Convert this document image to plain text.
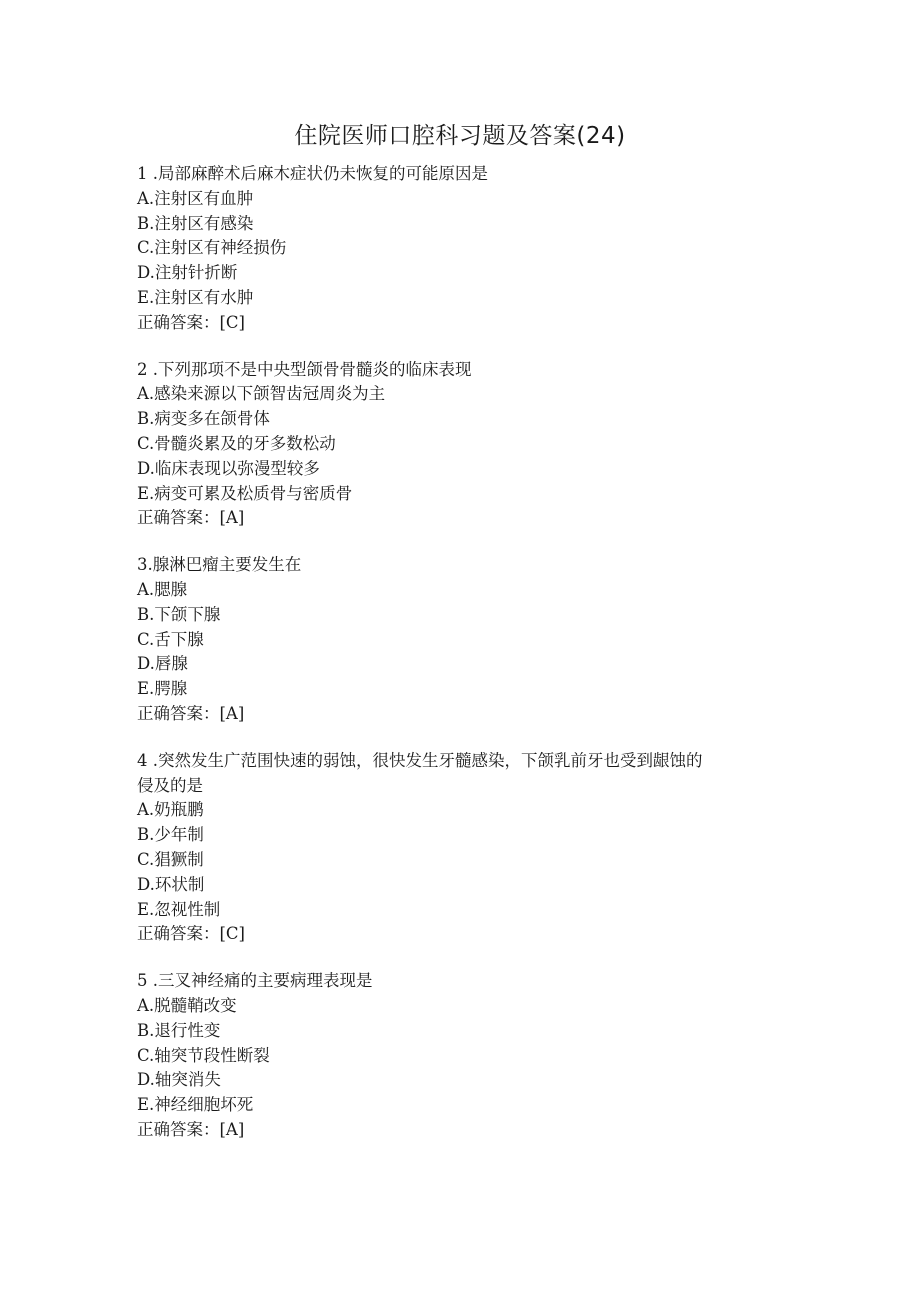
住院医师口腔科习题及答案(24)
1 .局部麻醉术后麻木症状仍未恢复的可能原因是
A.注射区有血肿
B.注射区有感染
C.注射区有神经损伤
D.注射针折断
E.注射区有水肿
正确答案：[C]
2 .下列那项不是中央型颌骨骨髓炎的临床表现
A.感染来源以下颌智齿冠周炎为主
B.病变多在颌骨体
C.骨髓炎累及的牙多数松动
D.临床表现以弥漫型较多
E.病变可累及松质骨与密质骨
正确答案：[A]
3.腺淋巴瘤主要发生在
A.腮腺
B.下颌下腺
C.舌下腺
D.唇腺
E.腭腺
正确答案：[A]
4 .突然发生广范围快速的弱蚀，很快发生牙髓感染，下颌乳前牙也受到龈蚀的
侵及的是
A.奶瓶鹏
B.少年制
C.猖獗制
D.环状制
E.忽视性制
正确答案：[C]
5 .三叉神经痛的主要病理表现是
A.脱髓鞘改变
B.退行性变
C.轴突节段性断裂
D.轴突消失
E.神经细胞坏死
正确答案：[A]
